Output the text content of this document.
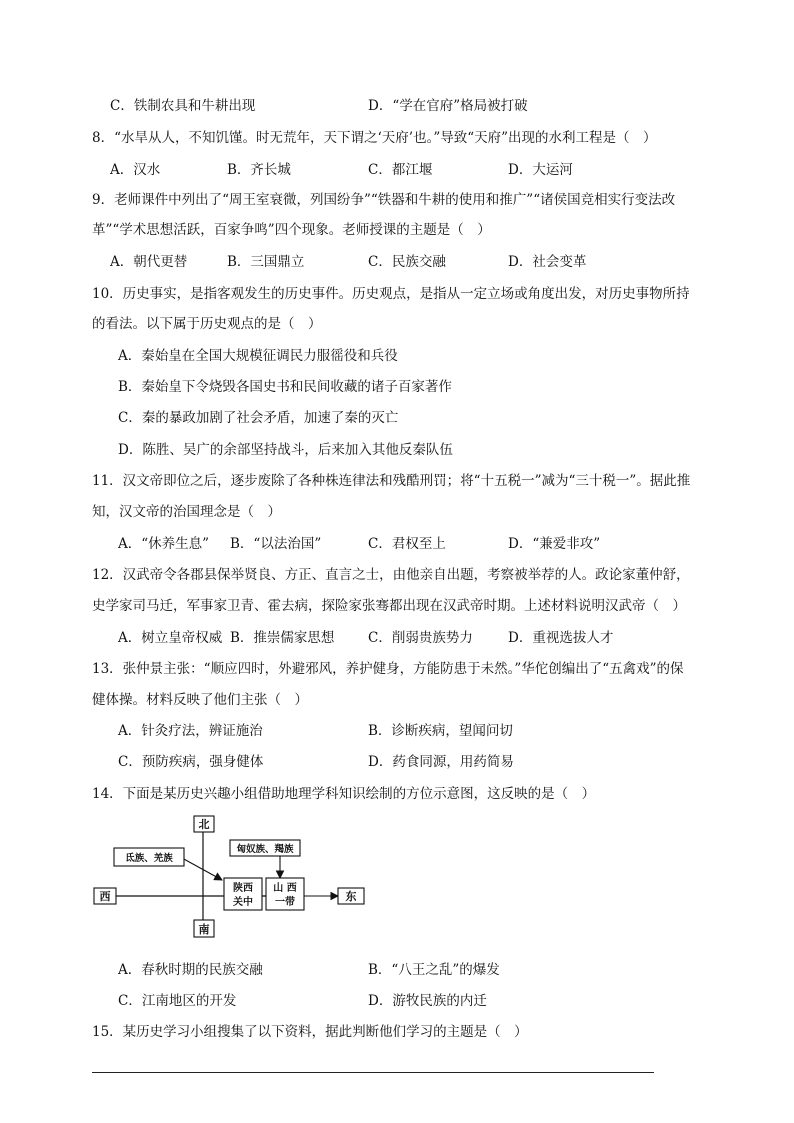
C．铁制农具和牛耕出现	D．“学在官府”格局被打破
8．“水旱从人，不知饥馑。时无荒年，天下谓之‘天府’也。”导致“天府”出现的水利工程是（　）
A．汉水	B．齐长城	C．都江堰	D．大运河
9．老师课件中列出了“周王室衰微，列国纷争”“铁器和牛耕的使用和推广”“诸侯国竞相实行变法改
革”“学术思想活跃，百家争鸣”四个现象。老师授课的主题是（　）
A．朝代更替	B．三国鼎立	C．民族交融	D．社会变革
10．历史事实，是指客观发生的历史事件。历史观点，是指从一定立场或角度出发，对历史事物所持
的看法。以下属于历史观点的是（　）
A．秦始皇在全国大规模征调民力服徭役和兵役
B．秦始皇下令烧毁各国史书和民间收藏的诸子百家著作
C．秦的暴政加剧了社会矛盾，加速了秦的灭亡
D．陈胜、吴广的余部坚持战斗，后来加入其他反秦队伍
11．汉文帝即位之后，逐步废除了各种株连律法和残酷刑罚；将“十五税一”减为“三十税一”。据此推
知，汉文帝的治国理念是（　）
A．“休养生息” B．“以法治国”	C．君权至上	D．“兼爱非攻”
12．汉武帝令各郡县保举贤良、方正、直言之士，由他亲自出题，考察被举荐的人。政论家董仲舒，
史学家司马迁，军事家卫青、霍去病，探险家张骞都出现在汉武帝时期。上述材料说明汉武帝（　）
A．树立皇帝权威 B．推崇儒家思想 C．削弱贵族势力	D．重视选拔人才
13．张仲景主张：“顺应四时，外避邪风，养护健身，方能防患于未然。”华佗创编出了“五禽戏”的保
健体操。材料反映了他们主张（　）
A．针灸疗法，辨证施治	B．诊断疾病，望闻问切
C．预防疾病，强身健体	D．药食同源，用药简易
14．下面是某历史兴趣小组借助地理学科知识绘制的方位示意图，这反映的是（　）
北
南
西	东
氐族、羌族
匈奴族、羯族
陕西
关中
山 西
一带
A．春秋时期的民族交融	B．“八王之乱”的爆发
C．江南地区的开发	D．游牧民族的内迁
15．某历史学习小组搜集了以下资料，据此判断他们学习的主题是（　）
